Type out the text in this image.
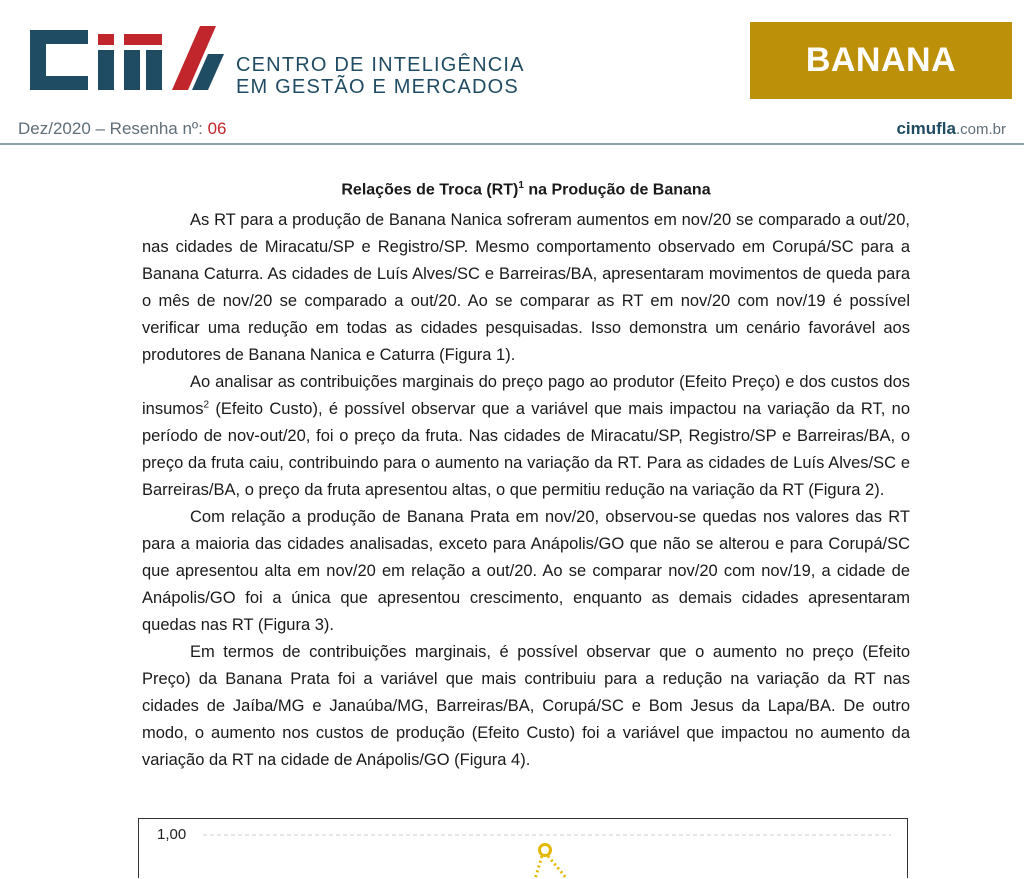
CENTRO DE INTELIGÊNCIA
EM GESTÃO E MERCADOS
BANANA
Dez/2020 – Resenha nº: 06	cimufla.com.br

Relações de Troca (RT)$^1$ na Produção de Banana

As RT para a produção de Banana Nanica sofreram aumentos em nov/20 se comparado a out/20, nas cidades de Miracatu/SP e Registro/SP. Mesmo comportamento observado em Corupá/SC para a Banana Caturra. As cidades de Luís Alves/SC e Barreiras/BA, apresentaram movimentos de queda para o mês de nov/20 se comparado a out/20. Ao se comparar as RT em nov/20 com nov/19 é possível verificar uma redução em todas as cidades pesquisadas. Isso demonstra um cenário favorável aos produtores de Banana Nanica e Caturra (Figura 1).

Ao analisar as contribuições marginais do preço pago ao produtor (Efeito Preço) e dos custos dos insumos$^2$ (Efeito Custo), é possível observar que a variável que mais impactou na variação da RT, no período de nov-out/20, foi o preço da fruta. Nas cidades de Miracatu/SP, Registro/SP e Barreiras/BA, o preço da fruta caiu, contribuindo para o aumento na variação da RT. Para as cidades de Luís Alves/SC e Barreiras/BA, o preço da fruta apresentou altas, o que permitiu redução na variação da RT (Figura 2).

Com relação a produção de Banana Prata em nov/20, observou-se quedas nos valores das RT para a maioria das cidades analisadas, exceto para Anápolis/GO que não se alterou e para Corupá/SC que apresentou alta em nov/20 em relação a out/20. Ao se comparar nov/20 com nov/19, a cidade de Anápolis/GO foi a única que apresentou crescimento, enquanto as demais cidades apresentaram quedas nas RT (Figura 3).

Em termos de contribuições marginais, é possível observar que o aumento no preço (Efeito Preço) da Banana Prata foi a variável que mais contribuiu para a redução na variação da RT nas cidades de Jaíba/MG e Janaúba/MG, Barreiras/BA, Corupá/SC e Bom Jesus da Lapa/BA. De outro modo, o aumento nos custos de produção (Efeito Custo) foi a variável que impactou no aumento da variação da RT na cidade de Anápolis/GO (Figura 4).

1,00
